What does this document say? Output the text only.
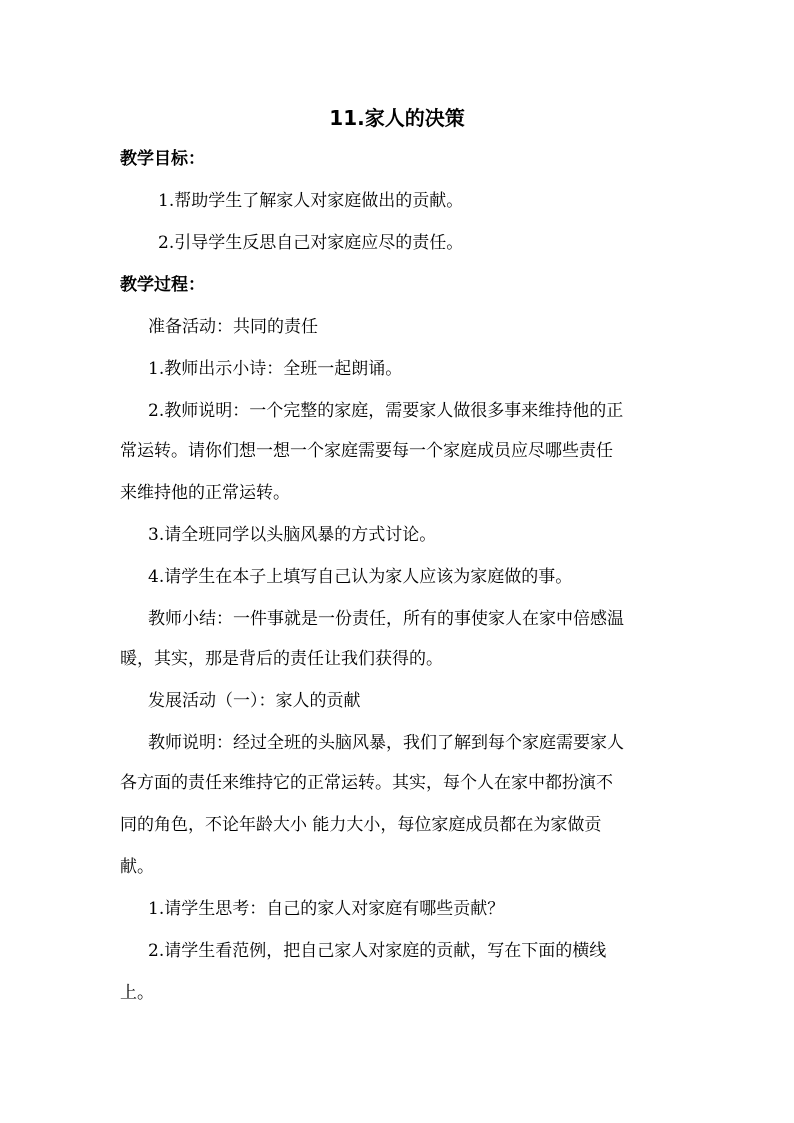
11.家人的决策
教学目标：
1.帮助学生了解家人对家庭做出的贡献。
2.引导学生反思自己对家庭应尽的责任。
教学过程：
准备活动：共同的责任
1.教师出示小诗：全班一起朗诵。
2.教师说明：一个完整的家庭，需要家人做很多事来维持他的正
常运转。请你们想一想一个家庭需要每一个家庭成员应尽哪些责任
来维持他的正常运转。
3.请全班同学以头脑风暴的方式讨论。
4.请学生在本子上填写自己认为家人应该为家庭做的事。
教师小结：一件事就是一份责任，所有的事使家人在家中倍感温
暖，其实，那是背后的责任让我们获得的。
发展活动（一）：家人的贡献
教师说明：经过全班的头脑风暴，我们了解到每个家庭需要家人
各方面的责任来维持它的正常运转。其实，每个人在家中都扮演不
同的角色，不论年龄大小 能力大小，每位家庭成员都在为家做贡
献。
1.请学生思考：自己的家人对家庭有哪些贡献？
2.请学生看范例，把自己家人对家庭的贡献，写在下面的横线
上。
